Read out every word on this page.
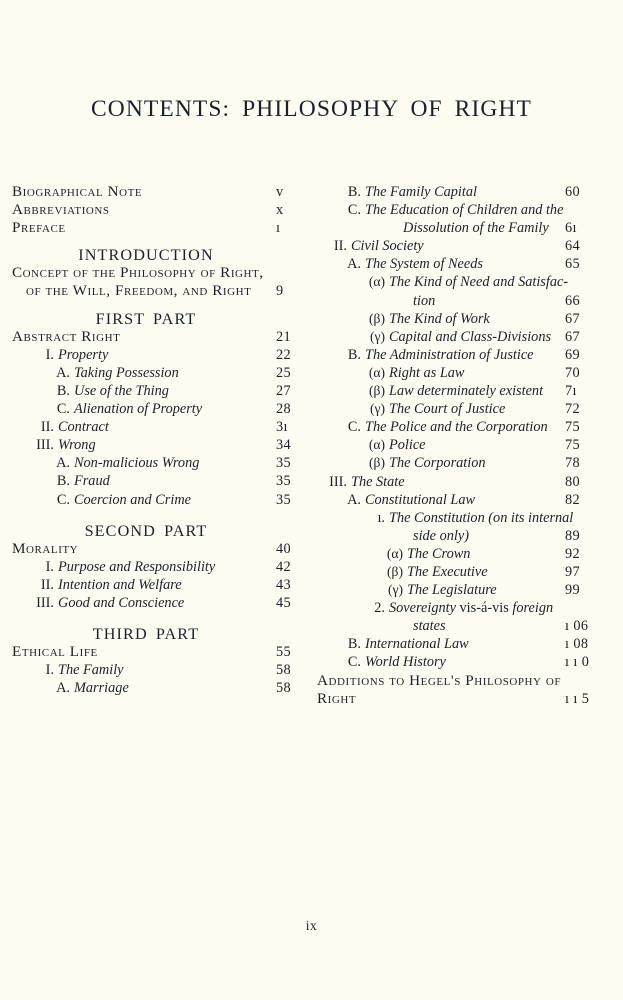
CONTENTS: PHILOSOPHY OF RIGHT
Biographical Note	v
Abbreviations	x
Preface	ı
INTRODUCTION
Concept of the Philosophy of Right,
of the Will, Freedom, and Right 9
FIRST PART
Abstract Right	21
I. Property	22
A. Taking Possession	25
B. Use of the Thing	27
C. Alienation of Property	28
II. Contract	3ı
III. Wrong	34
A. Non-malicious Wrong	35
B. Fraud	35
C. Coercion and Crime	35
SECOND PART
Morality	40
I. Purpose and Responsibility	42
II. Intention and Welfare	43
III. Good and Conscience	45
THIRD PART
Ethical Life	55
I. The Family	58
A. Marriage	58
B. The Family Capital	60
C. The Education of Children and the
Dissolution of the Family 6ı
II. Civil Society	64
A. The System of Needs	65
(α) The Kind of Need and Satisfac-
tion	66
(β) The Kind of Work	67
(γ) Capital and Class-Divisions 67
B. The Administration of Justice 69
(α) Right as Law	70
(β) Law determinately existent 7ı
(γ) The Court of Justice	72
C. The Police and the Corporation 75
(α) Police	75
(β) The Corporation	78
III. The State	80
A. Constitutional Law	82
ı. The Constitution (on its internal
side only)	89
(α) The Crown	92
(β) The Executive	97
(γ) The Legislature	99
2. Sovereignty vis-á-vis foreign
states	ı 06
B. International Law	ı 08
C. World History	ı ı 0
Additions to Hegel's Philosophy of
Right	ı ı 5
ix
